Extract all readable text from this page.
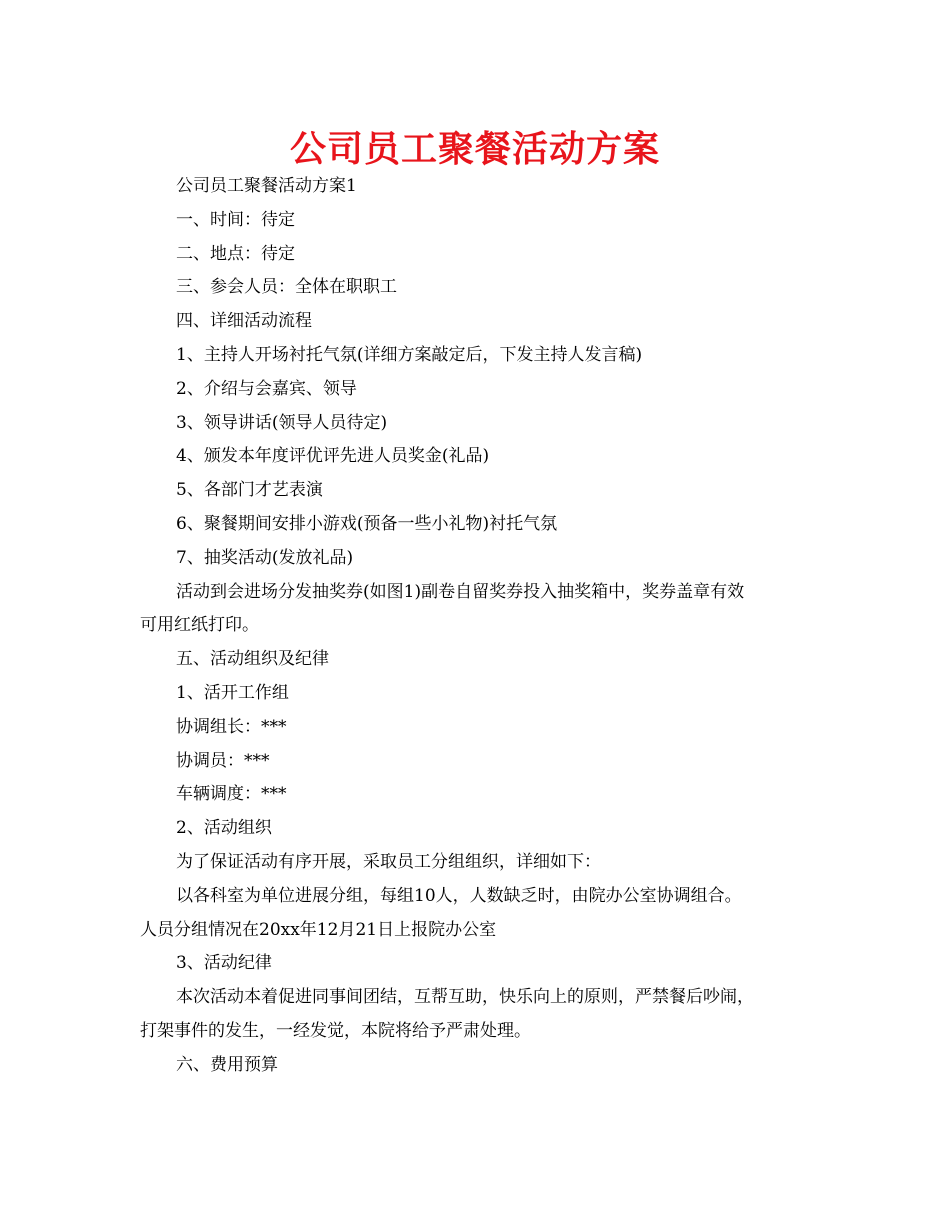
公司员工聚餐活动方案

公司员工聚餐活动方案1

一、时间：待定

二、地点：待定

三、参会人员：全体在职职工

四、详细活动流程

1、主持人开场衬托气氛(详细方案敲定后，下发主持人发言稿)

2、介绍与会嘉宾、领导

3、领导讲话(领导人员待定)

4、颁发本年度评优评先进人员奖金(礼品)

5、各部门才艺表演

6、聚餐期间安排小游戏(预备一些小礼物)衬托气氛

7、抽奖活动(发放礼品)

活动到会进场分发抽奖券(如图1)副卷自留奖券投入抽奖箱中，奖券盖章有效

可用红纸打印。

五、活动组织及纪律

1、活开工作组

协调组长：***

协调员：***

车辆调度：***

2、活动组织

为了保证活动有序开展，采取员工分组组织，详细如下：

以各科室为单位进展分组，每组10人，人数缺乏时，由院办公室协调组合。

人员分组情况在20xx年12月21日上报院办公室

3、活动纪律

本次活动本着促进同事间团结，互帮互助，快乐向上的原则，严禁餐后吵闹，

打架事件的发生，一经发觉，本院将给予严肃处理。

六、费用预算
